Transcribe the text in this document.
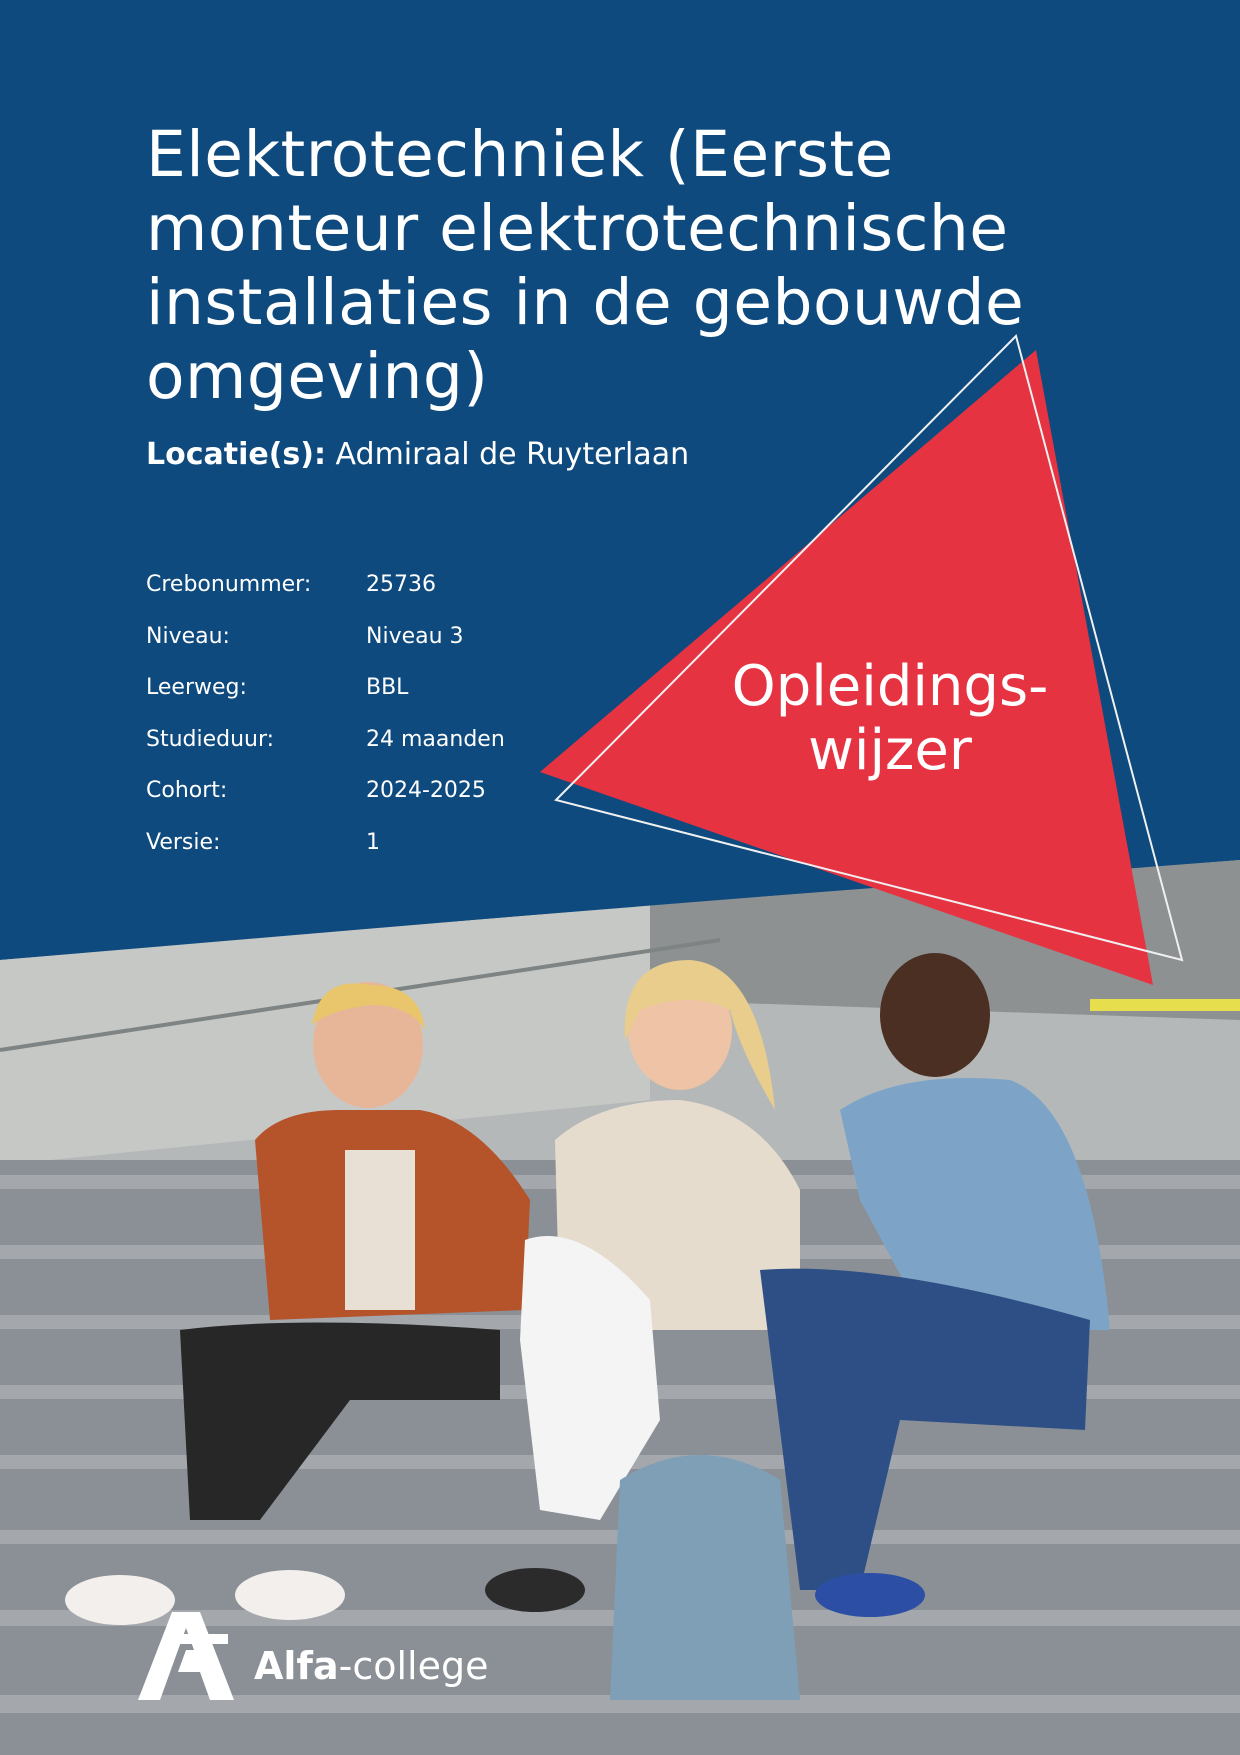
Elektrotechniek (Eerste monteur elektrotechnische installaties in de gebouwde omgeving)
Locatie(s): Admiraal de Ruyterlaan
Crebonummer:	25736
Niveau:	Niveau 3
Leerweg:	BBL
Studieduur:	24 maanden
Cohort:	2024-2025
Versie:	1
Opleidings-
wijzer
Alfa-college
